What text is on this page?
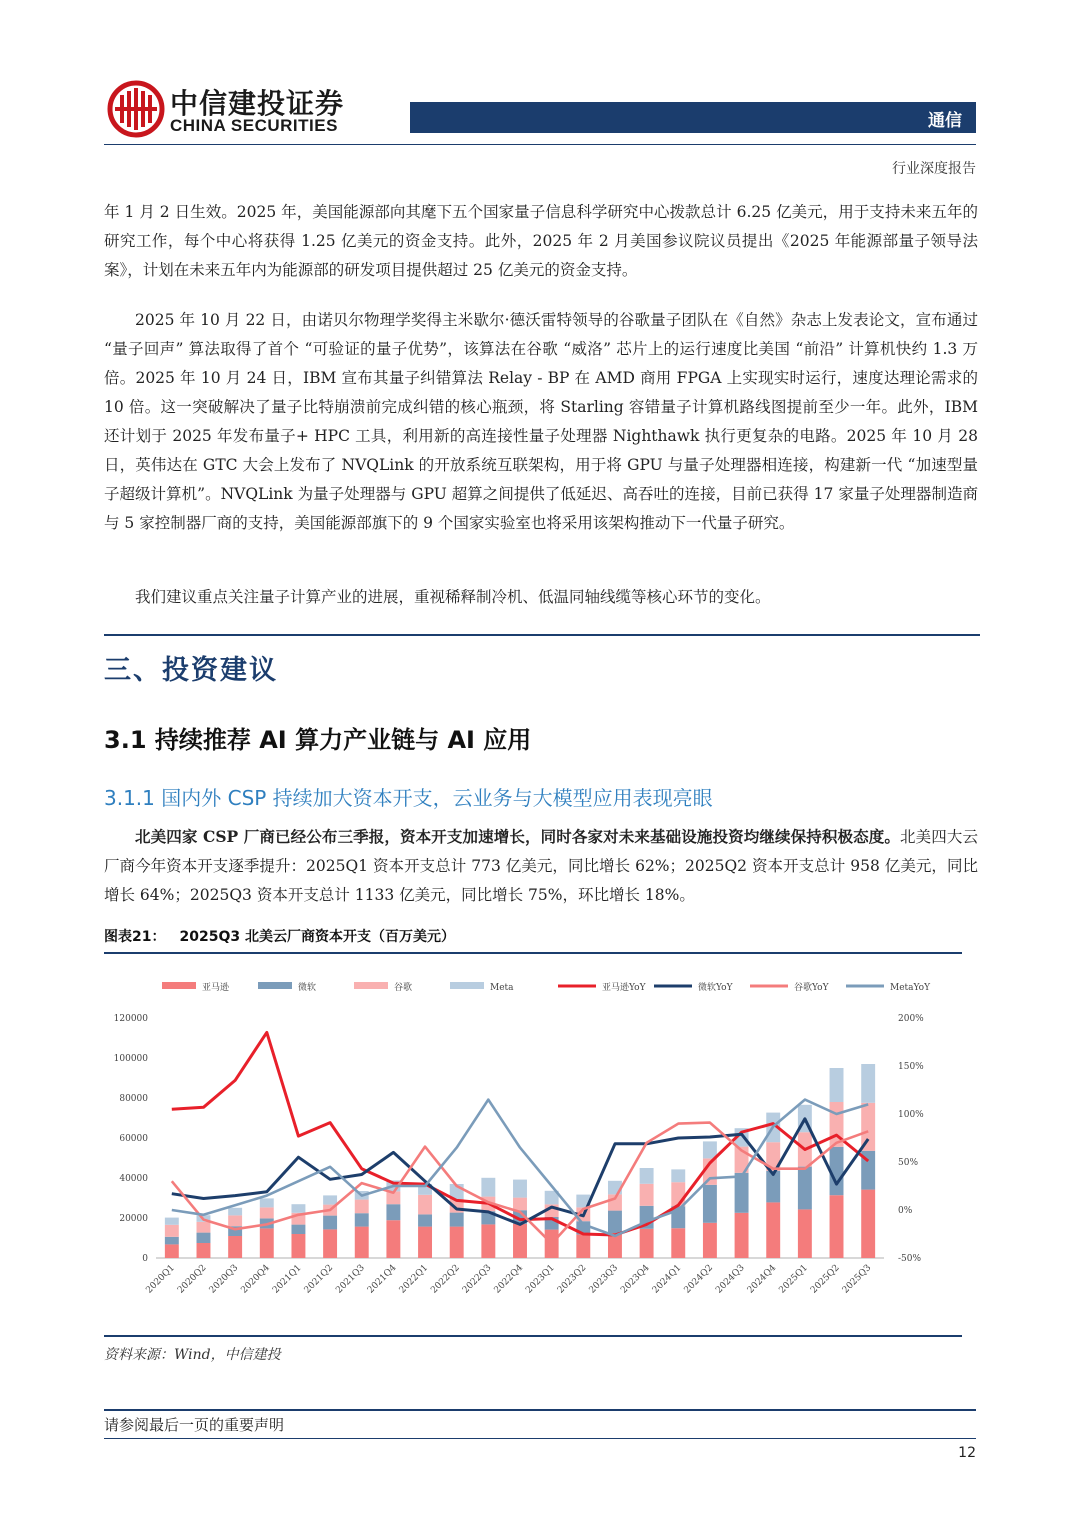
中信建投证券
CHINA SECURITIES	通信
行业深度报告

年 1 月 2 日生效。2025 年，美国能源部向其麾下五个国家量子信息科学研究中心拨款总计 6.25 亿美元，用于支持未来五年的研究工作，每个中心将获得 1.25 亿美元的资金支持。此外，2025 年 2 月美国参议院议员提出《2025 年能源部量子领导法案》，计划在未来五年内为能源部的研发项目提供超过 25 亿美元的资金支持。

2025 年 10 月 22 日，由诺贝尔物理学奖得主米歇尔·德沃雷特领导的谷歌量子团队在《自然》杂志上发表论文，宣布通过 “量子回声” 算法取得了首个 “可验证的量子优势”，该算法在谷歌 “威洛” 芯片上的运行速度比美国 “前沿” 计算机快约 1.3 万倍。2025 年 10 月 24 日，IBM 宣布其量子纠错算法 Relay - BP 在 AMD 商用 FPGA 上实现实时运行，速度达理论需求的 10 倍。这一突破解决了量子比特崩溃前完成纠错的核心瓶颈，将 Starling 容错量子计算机路线图提前至少一年。此外，IBM 还计划于 2025 年发布量子+ HPC 工具，利用新的高连接性量子处理器 Nighthawk 执行更复杂的电路。2025 年 10 月 28 日，英伟达在 GTC 大会上发布了 NVQLink 的开放系统互联架构，用于将 GPU 与量子处理器相连接，构建新一代 “加速型量子超级计算机”。NVQLink 为量子处理器与 GPU 超算之间提供了低延迟、高吞吐的连接，目前已获得 17 家量子处理器制造商与 5 家控制器厂商的支持，美国能源部旗下的 9 个国家实验室也将采用该架构推动下一代量子研究。

我们建议重点关注量子计算产业的进展，重视稀释制冷机、低温同轴线缆等核心环节的变化。

三、投资建议
3.1 持续推荐 AI 算力产业链与 AI 应用
3.1.1 国内外 CSP 持续加大资本开支，云业务与大模型应用表现亮眼

北美四家 CSP 厂商已经公布三季报，资本开支加速增长，同时各家对未来基础设施投资均继续保持积极态度。北美四大云厂商今年资本开支逐季提升：2025Q1 资本开支总计 773 亿美元，同比增长 62%；2025Q2 资本开支总计 958 亿美元，同比增长 64%；2025Q3 资本开支总计 1133 亿美元，同比增长 75%，环比增长 18%。

图表21： 2025Q3 北美云厂商资本开支（百万美元）
0
20000
40000
60000
80000
100000
120000
-50%
0%
50%
100%
150%
200%
2020Q1 2020Q2 2020Q3 2020Q4 2021Q1 2021Q2 2021Q3 2021Q4 2022Q1 2022Q2 2022Q3 2022Q4 2023Q1 2023Q2 2023Q3 2023Q4 2024Q1 2024Q2 2024Q3 2024Q4 2025Q1 2025Q2 2025Q3
亚马逊	微软	谷歌	Meta	亚马逊YoY	微软YoY	谷歌YoY	MetaYoY
资料来源：Wind，中信建投
请参阅最后一页的重要声明
12
